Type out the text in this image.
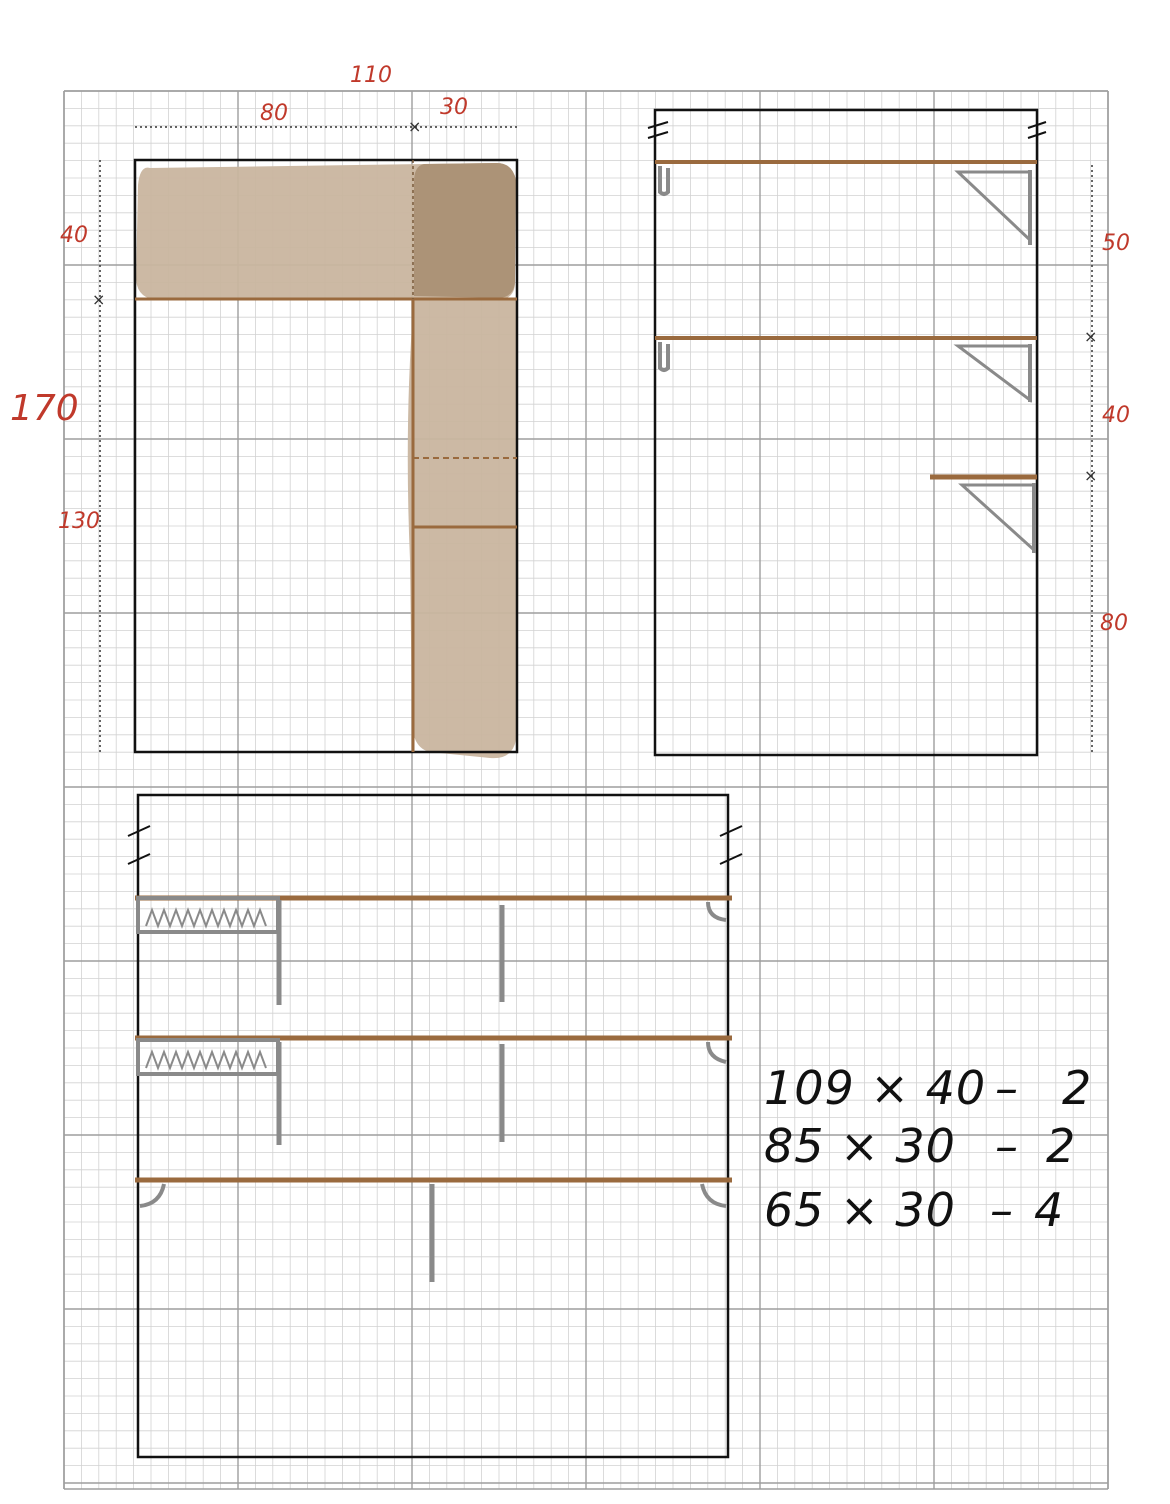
×
×
110
80	30
170
40
130
×
×
50
40
80
109 × 40 – 2
85 × 30 – 2
65 × 30 – 4
